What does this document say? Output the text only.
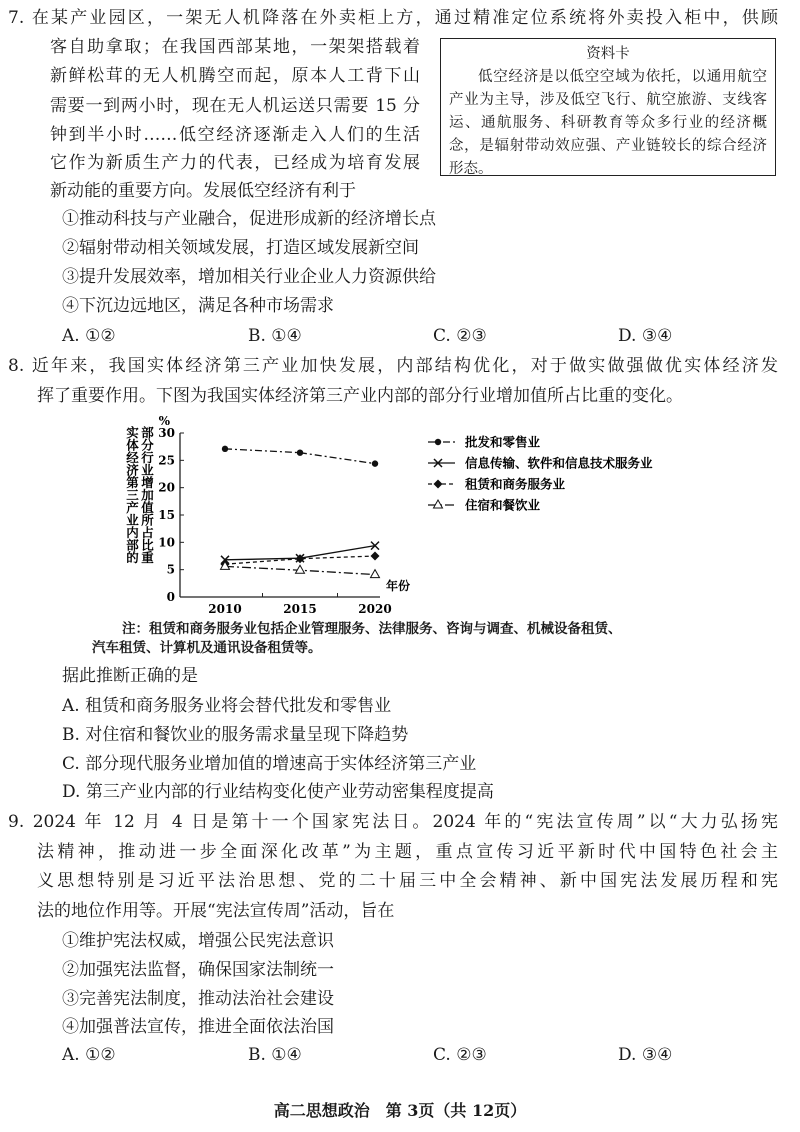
7. 在某产业园区，一架无人机降落在外卖柜上方，通过精准定位系统将外卖投入柜中，供顾
客自助拿取；在我国西部某地，一架架搭载着
新鲜松茸的无人机腾空而起，原本人工背下山
需要一到两小时，现在无人机运送只需要 15 分
钟到半小时……低空经济逐渐走入人们的生活
它作为新质生产力的代表，已经成为培育发展
新动能的重要方向。发展低空经济有利于
资料卡

低空经济是以低空空域为依托，以通用航空产业为主导，涉及低空飞行、航空旅游、支线客运、通航服务、科研教育等众多行业的经济概念，是辐射带动效应强、产业链较长的综合经济形态。

①推动科技与产业融合，促进形成新的经济增长点
②辐射带动相关领域发展，打造区域发展新空间
③提升发展效率，增加相关行业企业人力资源供给
④下沉边远地区，满足各种市场需求
A. ①②	B. ①④	C. ②③	D. ③④
8. 近年来，我国实体经济第三产业加快发展，内部结构优化，对于做实做强做优实体经济发
挥了重要作用。下图为我国实体经济第三产业内部的部分行业增加值所占比重的变化。
%
0
5
10
15
20
25
30
2010	2015	2020
年份
实体经济第三产业内部的 部分行业增加值所占比重	批发和零售业
信息传输、软件和信息技术服务业
租赁和商务服务业
住宿和餐饮业
注：租赁和商务服务业包括企业管理服务、法律服务、咨询与调查、机械设备租赁、
汽车租赁、计算机及通讯设备租赁等。
据此推断正确的是
A. 租赁和商务服务业将会替代批发和零售业
B. 对住宿和餐饮业的服务需求量呈现下降趋势
C. 部分现代服务业增加值的增速高于实体经济第三产业
D. 第三产业内部的行业结构变化使产业劳动密集程度提高
9. 2024 年 12 月 4 日是第十一个国家宪法日。2024 年的“宪法宣传周”以“大力弘扬宪
法精神，推动进一步全面深化改革”为主题，重点宣传习近平新时代中国特色社会主
义思想特别是习近平法治思想、党的二十届三中全会精神、新中国宪法发展历程和宪
法的地位作用等。开展“宪法宣传周”活动，旨在
①维护宪法权威，增强公民宪法意识
②加强宪法监督，确保国家法制统一
③完善宪法制度，推动法治社会建设
④加强普法宣传，推进全面依法治国
A. ①②	B. ①④	C. ②③	D. ③④
高二思想政治　第 3页（共 12页）
